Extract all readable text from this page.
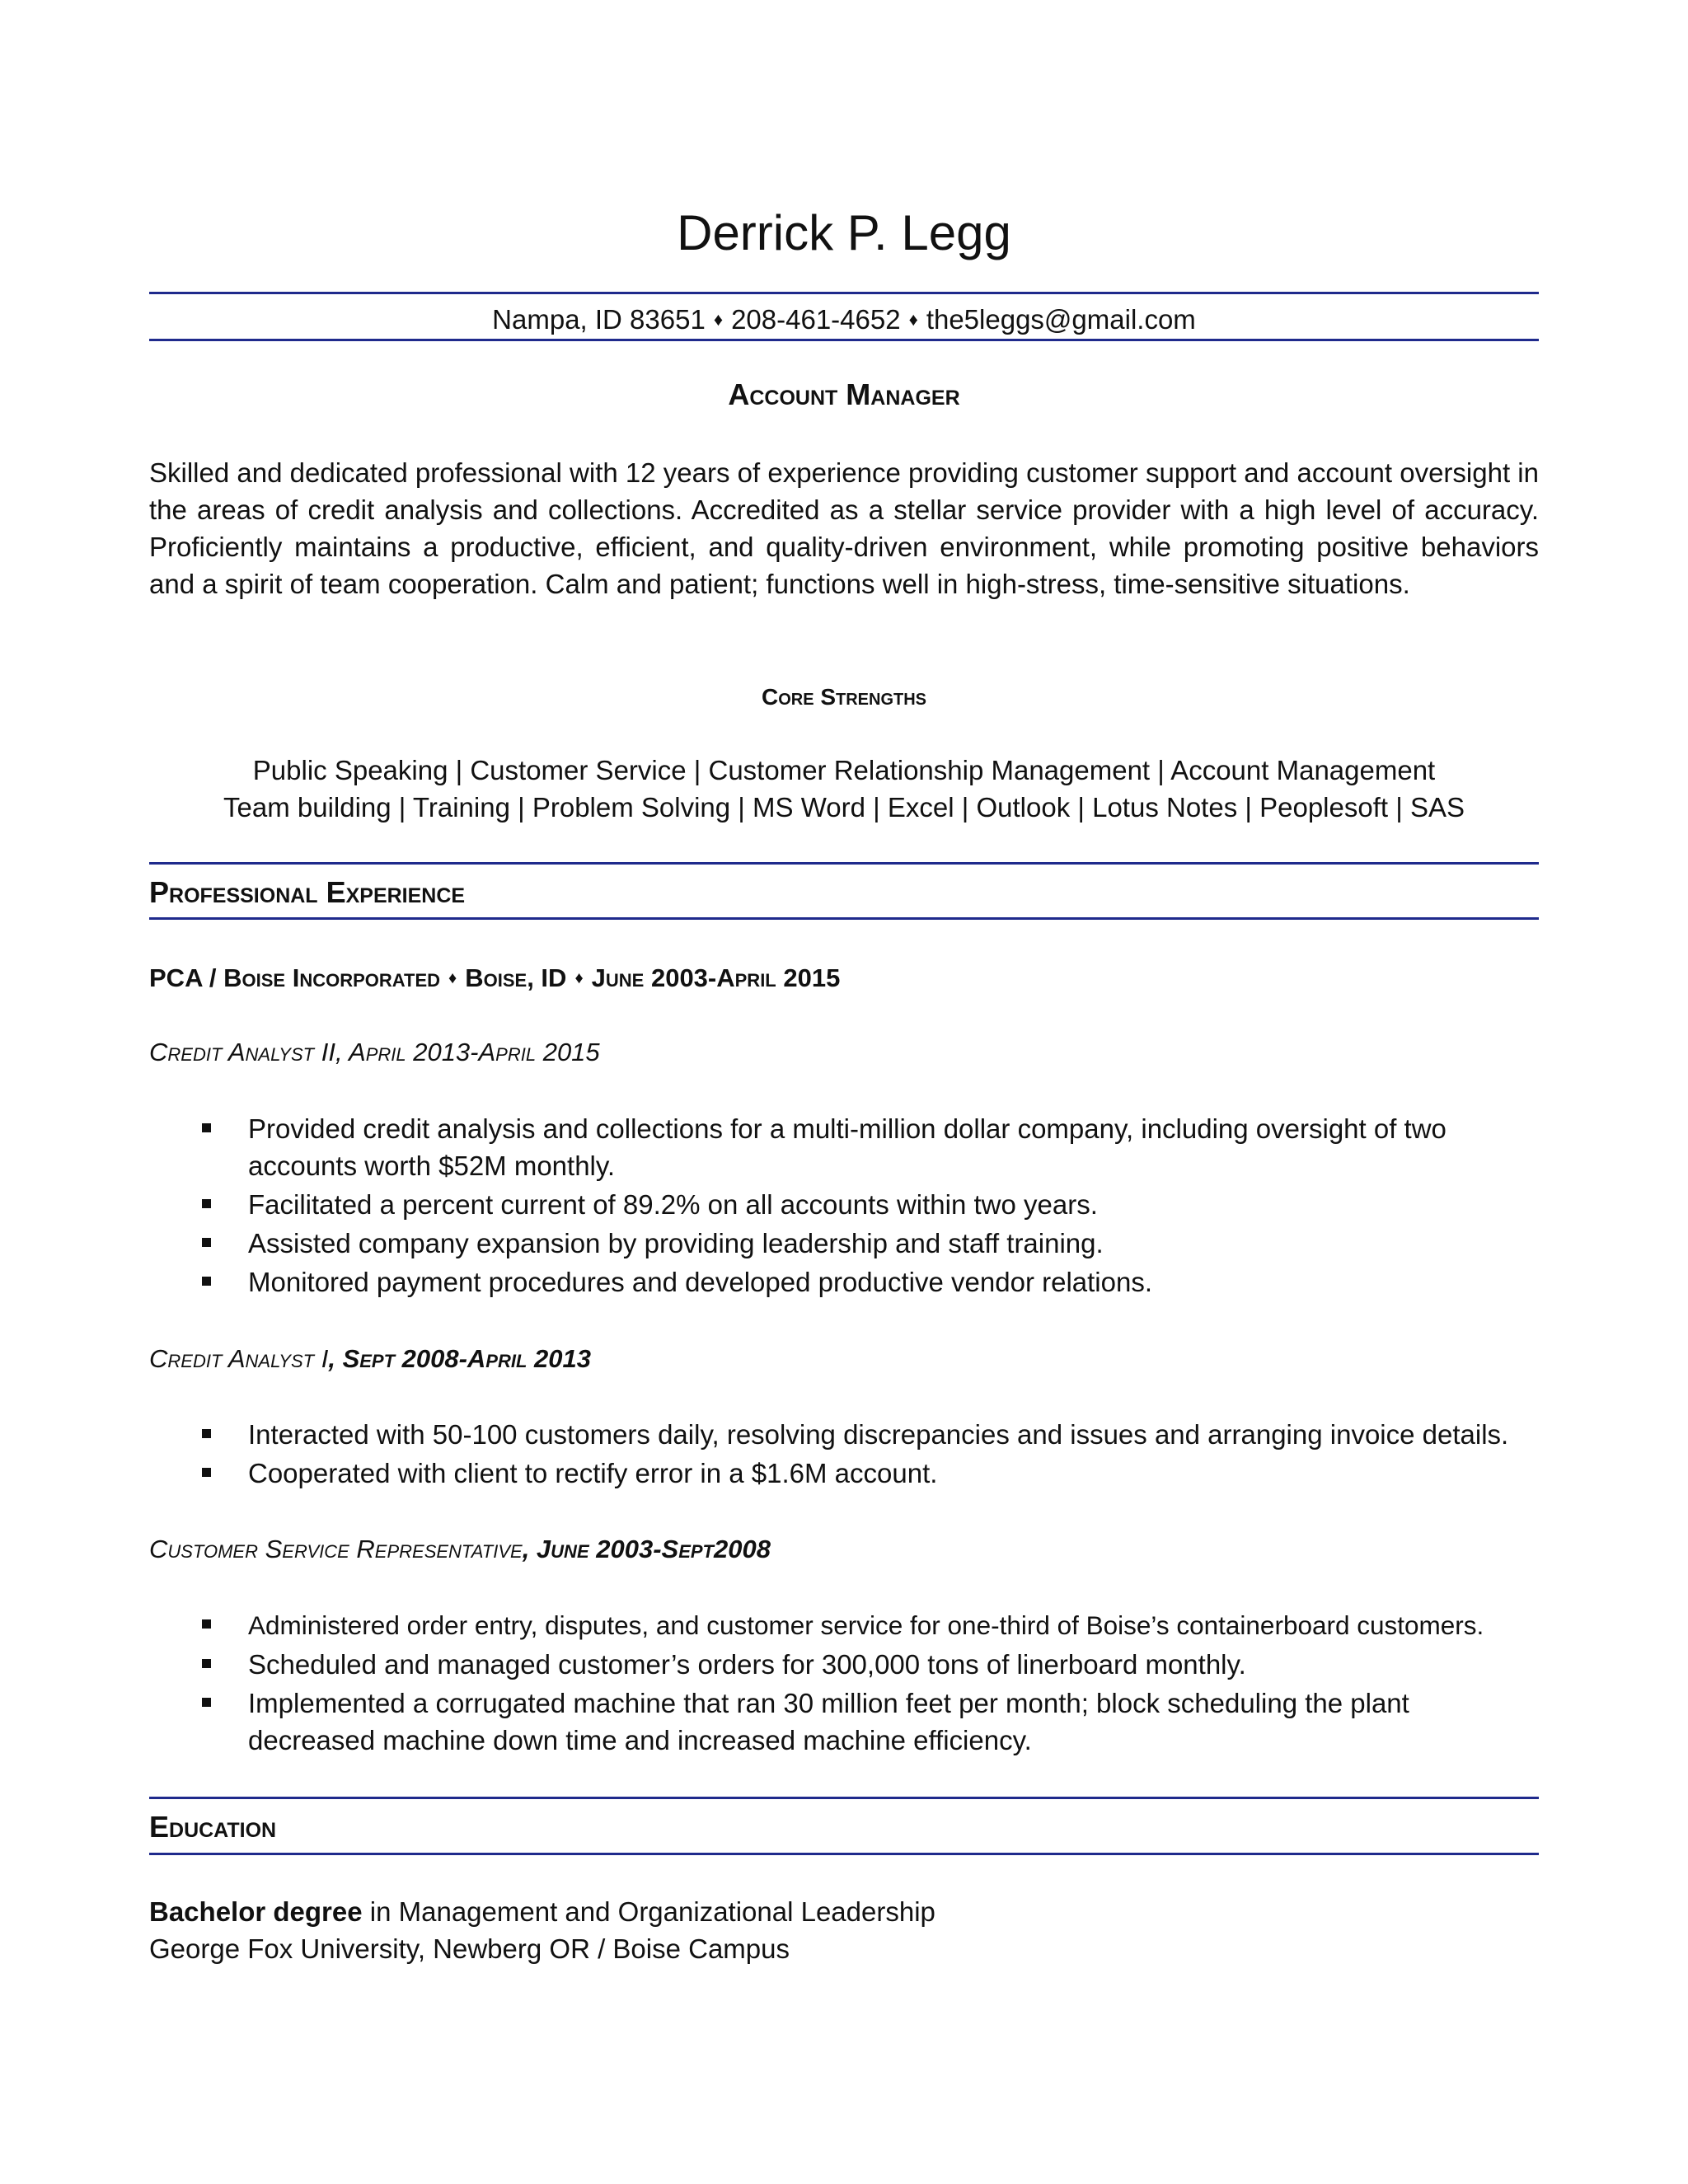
Derrick P. Legg
Nampa, ID 83651 ♦ 208-461-4652 ♦ the5leggs@gmail.com
Account Manager
Skilled and dedicated professional with 12 years of experience providing customer support and account oversight in the areas of credit analysis and collections. Accredited as a stellar service provider with a high level of accuracy. Proficiently maintains a productive, efficient, and quality-driven environment, while promoting positive behaviors and a spirit of team cooperation. Calm and patient; functions well in high-stress, time-sensitive situations.
Core Strengths
Public Speaking | Customer Service | Customer Relationship Management | Account Management
Team building | Training | Problem Solving | MS Word | Excel | Outlook | Lotus Notes | Peoplesoft | SAS
Professional Experience
PCA / Boise Incorporated ♦ Boise, ID ♦ June 2003-April 2015
Credit Analyst II, April 2013-April 2015
Provided credit analysis and collections for a multi-million dollar company, including oversight of two accounts worth $52M monthly.
Facilitated a percent current of 89.2% on all accounts within two years.
Assisted company expansion by providing leadership and staff training.
Monitored payment procedures and developed productive vendor relations.
Credit Analyst I, Sept 2008-April 2013
Interacted with 50-100 customers daily, resolving discrepancies and issues and arranging invoice details.
Cooperated with client to rectify error in a $1.6M account.
Customer Service Representative, June 2003-Sept2008
Administered order entry, disputes, and customer service for one-third of Boise’s containerboard customers.
Scheduled and managed customer’s orders for 300,000 tons of linerboard monthly.
Implemented a corrugated machine that ran 30 million feet per month; block scheduling the plant decreased machine down time and increased machine efficiency.
Education
Bachelor degree in Management and Organizational Leadership
George Fox University, Newberg OR / Boise Campus
